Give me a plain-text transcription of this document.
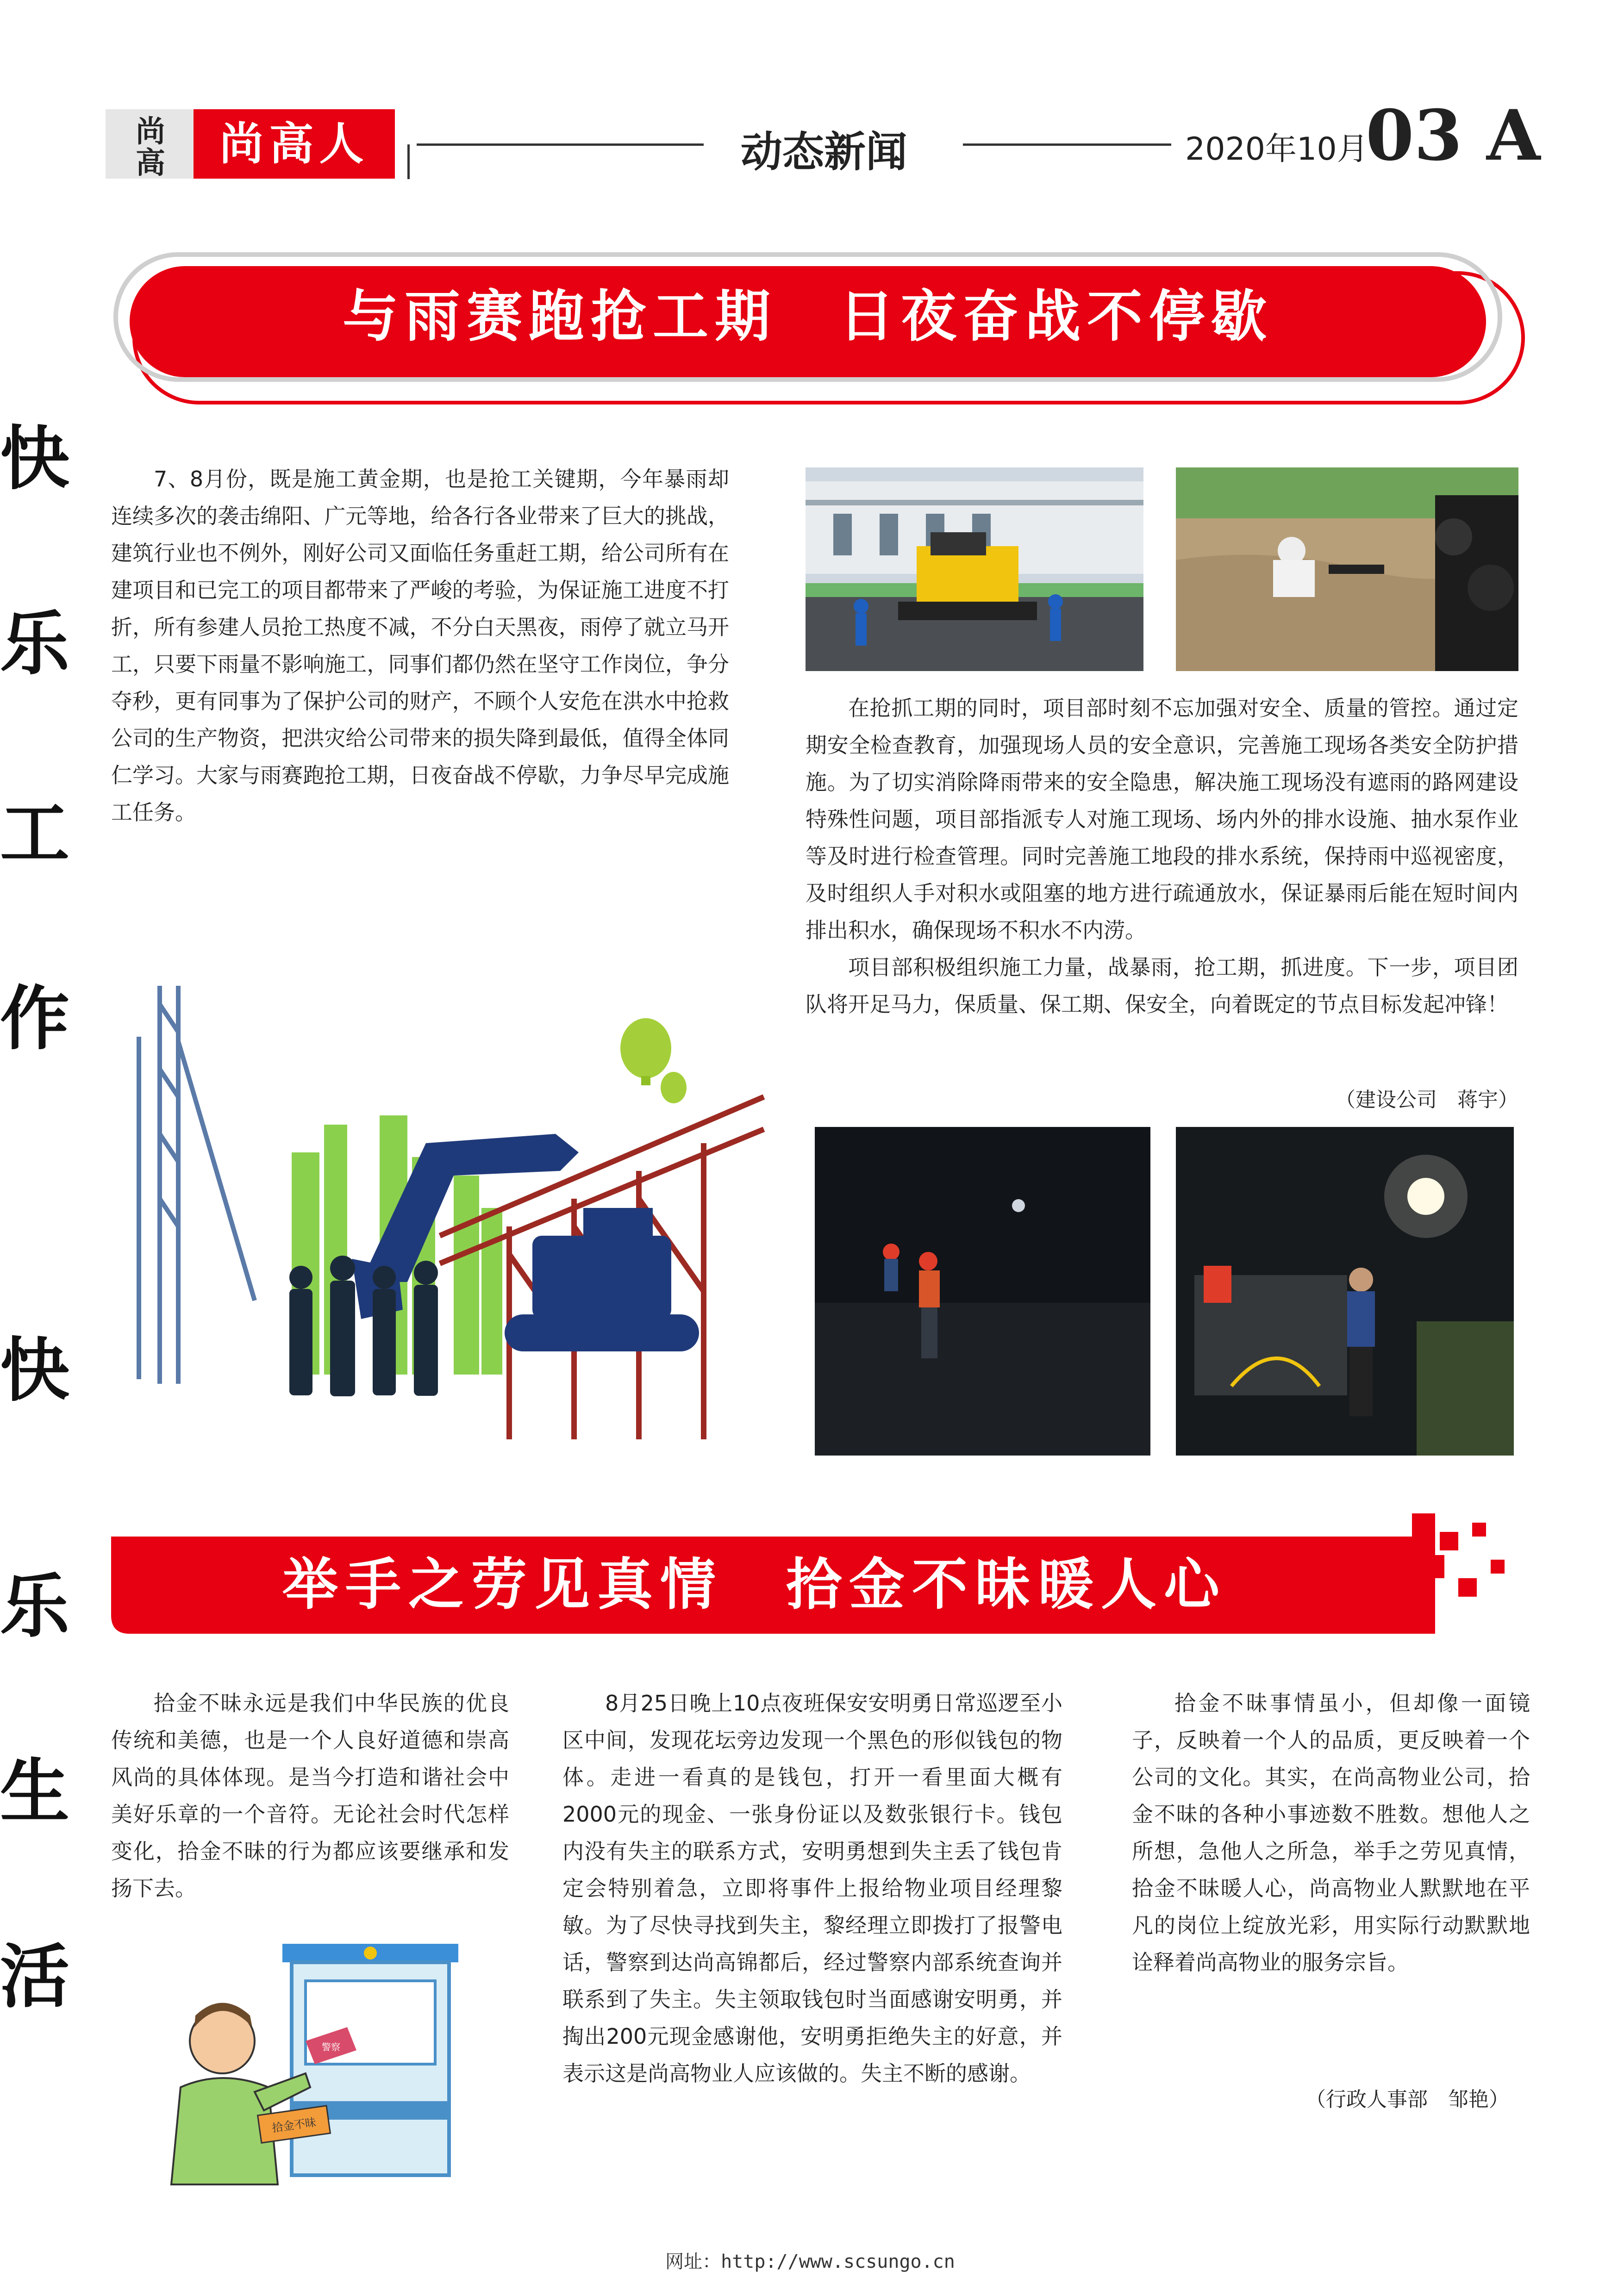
尚
高	尚高人	动态新闻	2020年10月
03 A
快
乐
工
作
快
乐
生
活
与雨赛跑抢工期　日夜奋战不停歇

7、8月份，既是施工黄金期，也是抢工关键期，今年暴雨却连续多次的袭击绵阳、广元等地，给各行各业带来了巨大的挑战，建筑行业也不例外，刚好公司又面临任务重赶工期，给公司所有在建项目和已完工的项目都带来了严峻的考验，为保证施工进度不打折，所有参建人员抢工热度不减，不分白天黑夜，雨停了就立马开工，只要下雨量不影响施工，同事们都仍然在坚守工作岗位，争分夺秒，更有同事为了保护公司的财产，不顾个人安危在洪水中抢救公司的生产物资，把洪灾给公司带来的损失降到最低，值得全体同仁学习。大家与雨赛跑抢工期，日夜奋战不停歇，力争尽早完成施工任务。

在抢抓工期的同时，项目部时刻不忘加强对安全、质量的管控。通过定期安全检查教育，加强现场人员的安全意识，完善施工现场各类安全防护措施。为了切实消除降雨带来的安全隐患，解决施工现场没有遮雨的路网建设特殊性问题，项目部指派专人对施工现场、场内外的排水设施、抽水泵作业等及时进行检查管理。同时完善施工地段的排水系统，保持雨中巡视密度，及时组织人手对积水或阻塞的地方进行疏通放水，保证暴雨后能在短时间内排出积水，确保现场不积水不内涝。

项目部积极组织施工力量，战暴雨，抢工期，抓进度。下一步，项目团队将开足马力，保质量、保工期、保安全，向着既定的节点目标发起冲锋！

（建设公司　蒋宇）
举手之劳见真情　拾金不昧暖人心

拾金不昧永远是我们中华民族的优良传统和美德，也是一个人良好道德和崇高风尚的具体体现。是当今打造和谐社会中美好乐章的一个音符。无论社会时代怎样变化，拾金不昧的行为都应该要继承和发扬下去。

8月25日晚上10点夜班保安安明勇日常巡逻至小区中间，发现花坛旁边发现一个黑色的形似钱包的物体。走进一看真的是钱包，打开一看里面大概有2000元的现金、一张身份证以及数张银行卡。钱包内没有失主的联系方式，安明勇想到失主丢了钱包肯定会特别着急，立即将事件上报给物业项目经理黎敏。为了尽快寻找到失主，黎经理立即拨打了报警电话，警察到达尚高锦都后，经过警察内部系统查询并联系到了失主。失主领取钱包时当面感谢安明勇，并掏出200元现金感谢他，安明勇拒绝失主的好意，并表示这是尚高物业人应该做的。失主不断的感谢。

拾金不昧事情虽小，但却像一面镜子，反映着一个人的品质，更反映着一个公司的文化。其实，在尚高物业公司，拾金不昧的各种小事迹数不胜数。想他人之所想，急他人之所急，举手之劳见真情，拾金不昧暖人心，尚高物业人默默地在平凡的岗位上绽放光彩，用实际行动默默地诠释着尚高物业的服务宗旨。

（行政人事部　邹艳）
警察
拾金不昧
网址：http://www.scsungo.cn
